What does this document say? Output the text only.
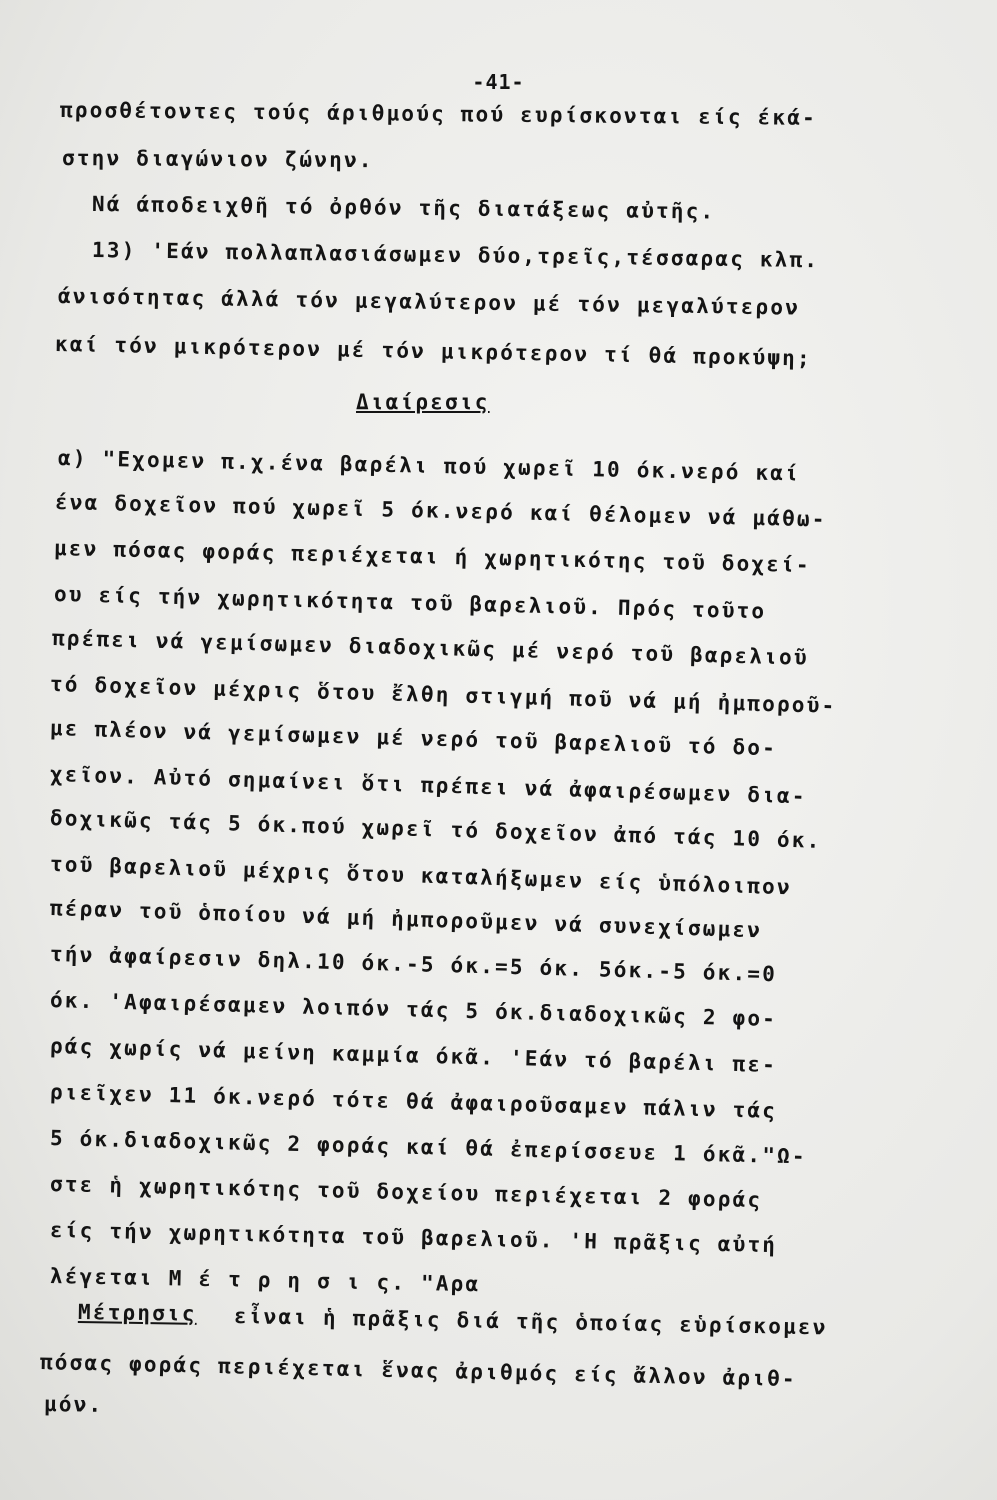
-41-
προσθέτοντες τούς άριθμούς πού ευρίσκονται είς έκά-
στην διαγώνιον ζώνην.
Νά άποδειχθῆ τό ὀρθόν τῆς διατάξεως αὐτῆς.
13) 'Εάν πολλαπλασιάσωμεν δύο,τρεῖς,τέσσαρας κλπ.
άνισότητας άλλά τόν μεγαλύτερον μέ τόν μεγαλύτερον
καί τόν μικρότερον μέ τόν μικρότερον τί θά προκύψη;
Διαίρεσις
α) "Εχομεν π.χ.ένα βαρέλι πού χωρεῖ 10 όκ.νερό καί
ένα δοχεῖον πού χωρεῖ 5 όκ.νερό καί θέλομεν νά μάθω-
μεν πόσας φοράς περιέχεται ή χωρητικότης τοῦ δοχεί-
ου είς τήν χωρητικότητα τοῦ βαρελιοῦ. Πρός τοῦτο
πρέπει νά γεμίσωμεν διαδοχικῶς μέ νερό τοῦ βαρελιοῦ
τό δοχεῖον μέχρις ὅτου ἔλθη στιγμή ποῦ νά μή ἠμποροῦ-
με πλέον νά γεμίσωμεν μέ νερό τοῦ βαρελιοῦ τό δο-
χεῖον. Αὐτό σημαίνει ὅτι πρέπει νά ἀφαιρέσωμεν δια-
δοχικῶς τάς 5 όκ.πού χωρεῖ τό δοχεῖον ἀπό τάς 10 όκ.
τοῦ βαρελιοῦ μέχρις ὅτου καταλήξωμεν είς ὑπόλοιπον
πέραν τοῦ ὁποίου νά μή ἠμποροῦμεν νά συνεχίσωμεν
τήν ἀφαίρεσιν δηλ.10 όκ.-5 όκ.=5 όκ. 5όκ.-5 όκ.=0
όκ. 'Αφαιρέσαμεν λοιπόν τάς 5 όκ.διαδοχικῶς 2 φο-
ράς χωρίς νά μείνη καμμία όκᾶ. 'Εάν τό βαρέλι πε-
ριεῖχεν 11 όκ.νερό τότε θά ἀφαιροῦσαμεν πάλιν τάς
5 όκ.διαδοχικῶς 2 φοράς καί θά ἐπερίσσευε 1 όκᾶ."Ω-
στε ἡ χωρητικότης τοῦ δοχείου περιέχεται 2 φοράς
είς τήν χωρητικότητα τοῦ βαρελιοῦ. 'Η πρᾶξις αὐτή
λέγεται Μ έ τ ρ η σ ι ς. "Αρα
Μέτρησις εἶναι ἡ πρᾶξις διά τῆς ὁποίας εὑρίσκομεν
πόσας φοράς περιέχεται ἕνας ἀριθμός είς ἄλλον ἀριθ-
μόν.
